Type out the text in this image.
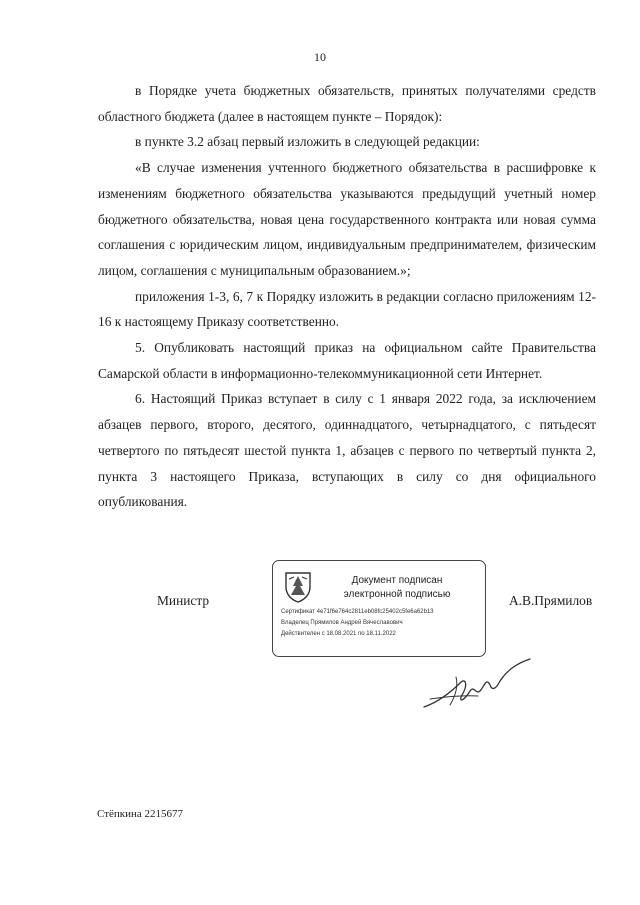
10

в Порядке учета бюджетных обязательств, принятых получателями средств областного бюджета (далее в настоящем пункте – Порядок):

в пункте 3.2 абзац первый изложить в следующей редакции:

«В случае изменения учтенного бюджетного обязательства в расшифровке к изменениям бюджетного обязательства указываются предыдущий учетный номер бюджетного обязательства, новая цена государственного контракта или новая сумма соглашения с юридическим лицом, индивидуальным предпринимателем, физическим лицом, соглашения с муниципальным образованием.»;

приложения 1-3, 6, 7 к Порядку изложить в редакции согласно приложениям 12-16 к настоящему Приказу соответственно.

5. Опубликовать настоящий приказ на официальном сайте Правительства Самарской области в информационно-телекоммуникационной сети Интернет.

6. Настоящий Приказ вступает в силу с 1 января 2022 года, за исключением абзацев первого, второго, десятого, одиннадцатого, четырнадцатого, с пятьдесят четвертого по пятьдесят шестой пункта 1, абзацев с первого по четвертый пункта 2, пункта 3 настоящего Приказа, вступающих в силу со дня официального опубликования.

Министр
Документ подписан
электронной подписью
Сертификат 4e71f6e764c2811eb08fc25402c5fe6a62b13
Владелец Прямилов Андрей Вячеславович
Действителен с 18.08.2021 по 18.11.2022
А.В.Прямилов
Стёпкина 2215677
